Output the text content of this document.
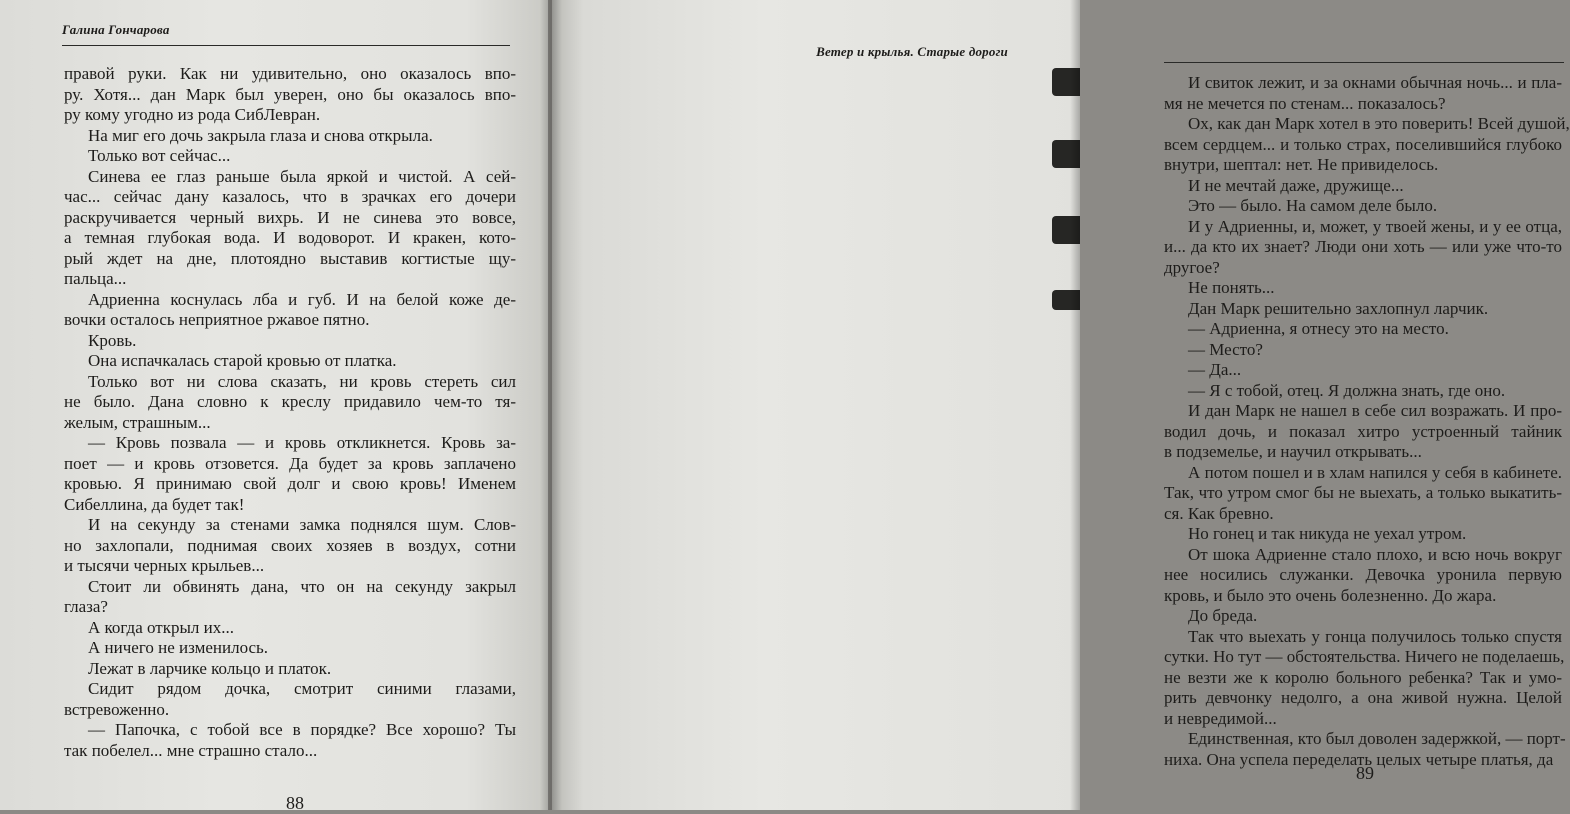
Галина Гончарова
правой руки. Как ни удивительно, оно оказалось впо-
ру. Хотя... дан Марк был уверен, оно бы оказалось впо-
ру кому угодно из рода СибЛевран.
На миг его дочь закрыла глаза и снова открыла.
Только вот сейчас...
Синева ее глаз раньше была яркой и чистой. А сей-
час... сейчас дану казалось, что в зрачках его дочери
раскручивается черный вихрь. И не синева это вовсе,
а темная глубокая вода. И водоворот. И кракен, кото-
рый ждет на дне, плотоядно выставив когтистые щу-
пальца...
Адриенна коснулась лба и губ. И на белой коже де-
вочки осталось неприятное ржавое пятно.
Кровь.
Она испачкалась старой кровью от платка.
Только вот ни слова сказать, ни кровь стереть сил
не было. Дана словно к креслу придавило чем-то тя-
желым, страшным...
— Кровь позвала — и кровь откликнется. Кровь за-
поет — и кровь отзовется. Да будет за кровь заплачено
кровью. Я принимаю свой долг и свою кровь! Именем
Сибеллина, да будет так!
И на секунду за стенами замка поднялся шум. Слов-
но захлопали, поднимая своих хозяев в воздух, сотни
и тысячи черных крыльев...
Стоит ли обвинять дана, что он на секунду закрыл
глаза?
А когда открыл их...
А ничего не изменилось.
Лежат в ларчике кольцо и платок.
Сидит рядом дочка, смотрит синими глазами,
встревоженно.
— Папочка, с тобой все в порядке? Все хорошо? Ты
так побелел... мне страшно стало...
88
Ветер и крылья. Старые дороги
И свиток лежит, и за окнами обычная ночь... и пла-
мя не мечется по стенам... показалось?
Ох, как дан Марк хотел в это поверить! Всей душой,
всем сердцем... и только страх, поселившийся глубоко
внутри, шептал: нет. Не привиделось.
И не мечтай даже, дружище...
Это — было. На самом деле было.
И у Адриенны, и, может, у твоей жены, и у ее отца,
и... да кто их знает? Люди они хоть — или уже что-то
другое?
Не понять...
Дан Марк решительно захлопнул ларчик.
— Адриенна, я отнесу это на место.
— Место?
— Да...
— Я с тобой, отец. Я должна знать, где оно.
И дан Марк не нашел в себе сил возражать. И про-
водил дочь, и показал хитро устроенный тайник
в подземелье, и научил открывать...
А потом пошел и в хлам напился у себя в кабинете.
Так, что утром смог бы не выехать, а только выкатить-
ся. Как бревно.
Но гонец и так никуда не уехал утром.
От шока Адриенне стало плохо, и всю ночь вокруг
нее носились служанки. Девочка уронила первую
кровь, и было это очень болезненно. До жара.
До бреда.
Так что выехать у гонца получилось только спустя
сутки. Но тут — обстоятельства. Ничего не поделаешь,
не везти же к королю больного ребенка? Так и умо-
рить девчонку недолго, а она живой нужна. Целой
и невредимой...
Единственная, кто был доволен задержкой, — порт-
ниха. Она успела переделать целых четыре платья, да
89
